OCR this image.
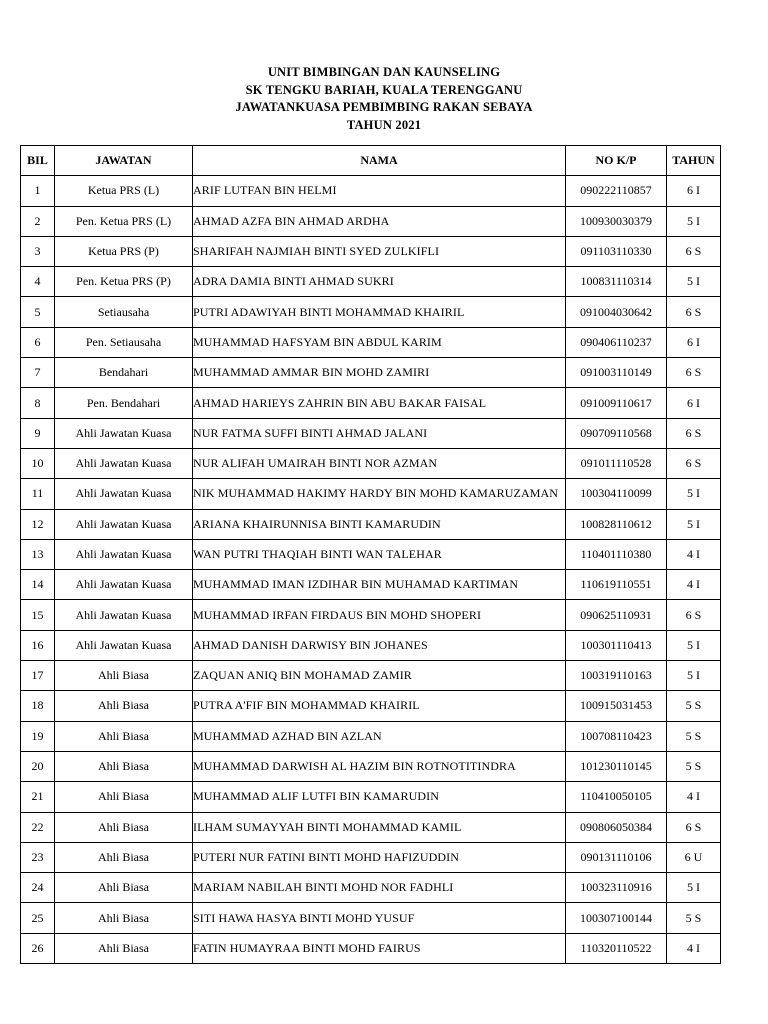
UNIT BIMBINGAN DAN KAUNSELING
SK TENGKU BARIAH, KUALA TERENGGANU
JAWATANKUASA PEMBIMBING RAKAN SEBAYA
TAHUN 2021
BIL	JAWATAN	NAMA	NO K/P	TAHUN
1	Ketua PRS (L)	ARIF LUTFAN BIN HELMI	090222110857	6 I
2	Pen. Ketua PRS (L)	AHMAD AZFA BIN AHMAD ARDHA	100930030379	5 I
3	Ketua PRS (P)	SHARIFAH NAJMIAH BINTI SYED ZULKIFLI	091103110330	6 S
4	Pen. Ketua PRS (P)	ADRA DAMIA BINTI AHMAD SUKRI	100831110314	5 I
5	Setiausaha	PUTRI ADAWIYAH BINTI MOHAMMAD KHAIRIL	091004030642	6 S
6	Pen. Setiausaha	MUHAMMAD HAFSYAM BIN ABDUL KARIM	090406110237	6 I
7	Bendahari	MUHAMMAD AMMAR BIN MOHD ZAMIRI	091003110149	6 S
8	Pen. Bendahari	AHMAD HARIEYS ZAHRIN BIN ABU BAKAR FAISAL	091009110617	6 I
9	Ahli Jawatan Kuasa	NUR FATMA SUFFI BINTI AHMAD JALANI	090709110568	6 S
10	Ahli Jawatan Kuasa	NUR ALIFAH UMAIRAH BINTI NOR AZMAN	091011110528	6 S
11	Ahli Jawatan Kuasa	NIK MUHAMMAD HAKIMY HARDY BIN MOHD KAMARUZAMAN	100304110099	5 I
12	Ahli Jawatan Kuasa	ARIANA KHAIRUNNISA BINTI KAMARUDIN	100828110612	5 I
13	Ahli Jawatan Kuasa	WAN PUTRI THAQIAH BINTI WAN TALEHAR	110401110380	4 I
14	Ahli Jawatan Kuasa	MUHAMMAD IMAN IZDIHAR BIN MUHAMAD KARTIMAN	110619110551	4 I
15	Ahli Jawatan Kuasa	MUHAMMAD IRFAN FIRDAUS BIN MOHD SHOPERI	090625110931	6 S
16	Ahli Jawatan Kuasa	AHMAD DANISH DARWISY BIN JOHANES	100301110413	5 I
17	Ahli Biasa	ZAQUAN ANIQ BIN MOHAMAD ZAMIR	100319110163	5 I
18	Ahli Biasa	PUTRA A'FIF BIN MOHAMMAD KHAIRIL	100915031453	5 S
19	Ahli Biasa	MUHAMMAD AZHAD BIN AZLAN	100708110423	5 S
20	Ahli Biasa	MUHAMMAD DARWISH AL HAZIM BIN ROTNOTITINDRA	101230110145	5 S
21	Ahli Biasa	MUHAMMAD ALIF LUTFI BIN KAMARUDIN	110410050105	4 I
22	Ahli Biasa	ILHAM SUMAYYAH BINTI MOHAMMAD KAMIL	090806050384	6 S
23	Ahli Biasa	PUTERI NUR FATINI BINTI MOHD HAFIZUDDIN	090131110106	6 U
24	Ahli Biasa	MARIAM NABILAH BINTI MOHD NOR FADHLI	100323110916	5 I
25	Ahli Biasa	SITI HAWA HASYA BINTI MOHD YUSUF	100307100144	5 S
26	Ahli Biasa	FATIN HUMAYRAA BINTI MOHD FAIRUS	110320110522	4 I
